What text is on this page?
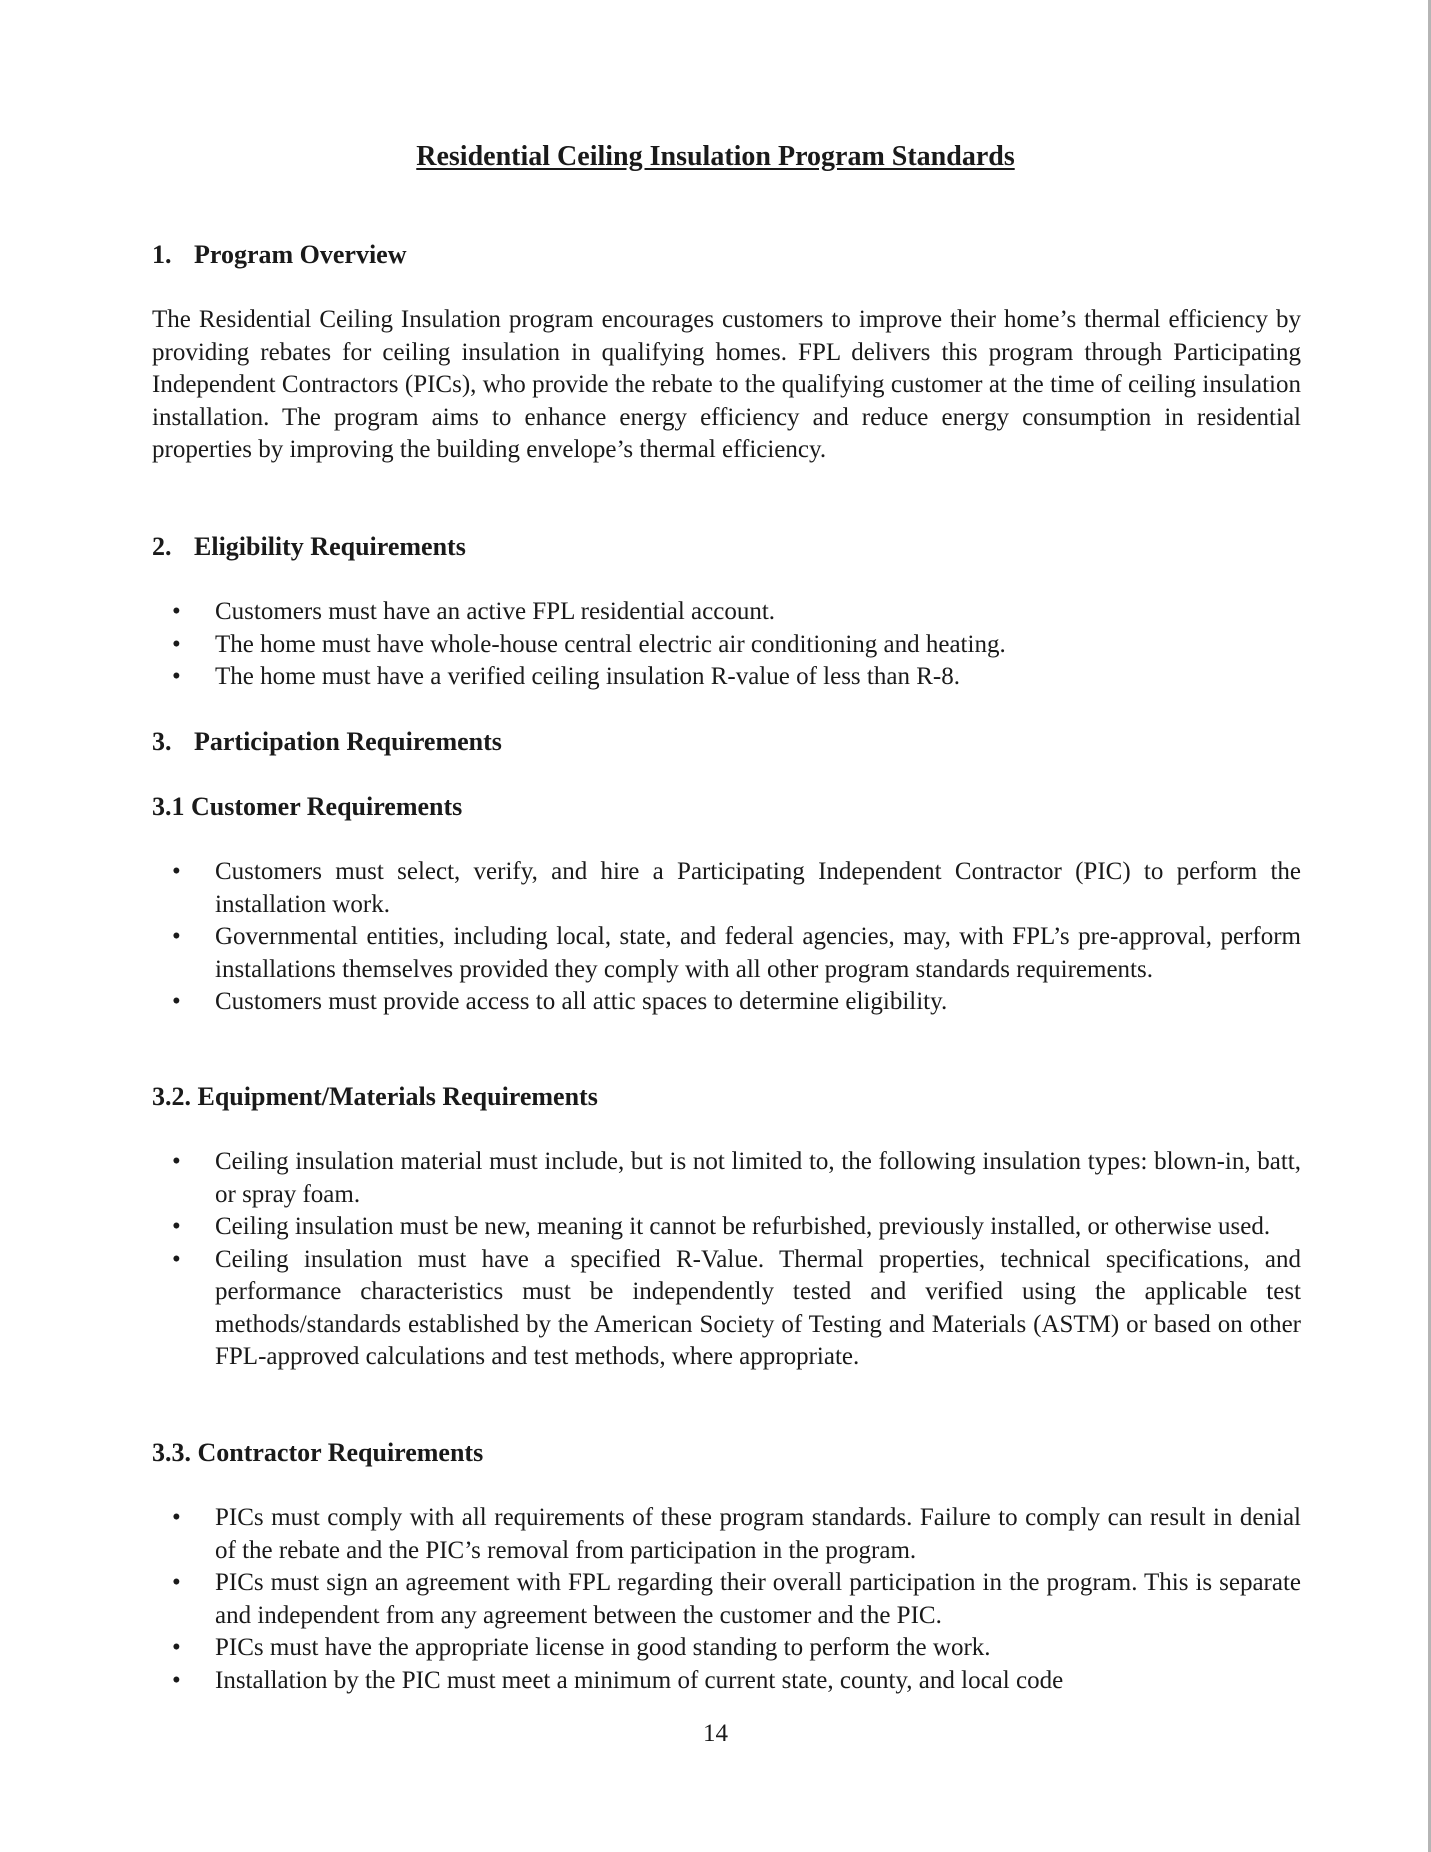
Residential Ceiling Insulation Program Standards
1. Program Overview
The Residential Ceiling Insulation program encourages customers to improve their home’s thermal efficiency by providing rebates for ceiling insulation in qualifying homes. FPL delivers this program through Participating Independent Contractors (PICs), who provide the rebate to the qualifying customer at the time of ceiling insulation installation. The program aims to enhance energy efficiency and reduce energy consumption in residential properties by improving the building envelope’s thermal efficiency.
2. Eligibility Requirements
• Customers must have an active FPL residential account.
• The home must have whole-house central electric air conditioning and heating.
• The home must have a verified ceiling insulation R-value of less than R-8.
3. Participation Requirements
3.1 Customer Requirements
• Customers must select, verify, and hire a Participating Independent Contractor (PIC) to perform the installation work.
• Governmental entities, including local, state, and federal agencies, may, with FPL’s pre-approval, perform installations themselves provided they comply with all other program standards requirements.
• Customers must provide access to all attic spaces to determine eligibility.
3.2. Equipment/Materials Requirements
• Ceiling insulation material must include, but is not limited to, the following insulation types: blown-in, batt, or spray foam.
• Ceiling insulation must be new, meaning it cannot be refurbished, previously installed, or otherwise used.
• Ceiling insulation must have a specified R-Value. Thermal properties, technical specifications, and performance characteristics must be independently tested and verified using the applicable test methods/standards established by the American Society of Testing and Materials (ASTM) or based on other FPL-approved calculations and test methods, where appropriate.
3.3. Contractor Requirements
• PICs must comply with all requirements of these program standards. Failure to comply can result in denial of the rebate and the PIC’s removal from participation in the program.
• PICs must sign an agreement with FPL regarding their overall participation in the program. This is separate and independent from any agreement between the customer and the PIC.
• PICs must have the appropriate license in good standing to perform the work.
• Installation by the PIC must meet a minimum of current state, county, and local code
14
